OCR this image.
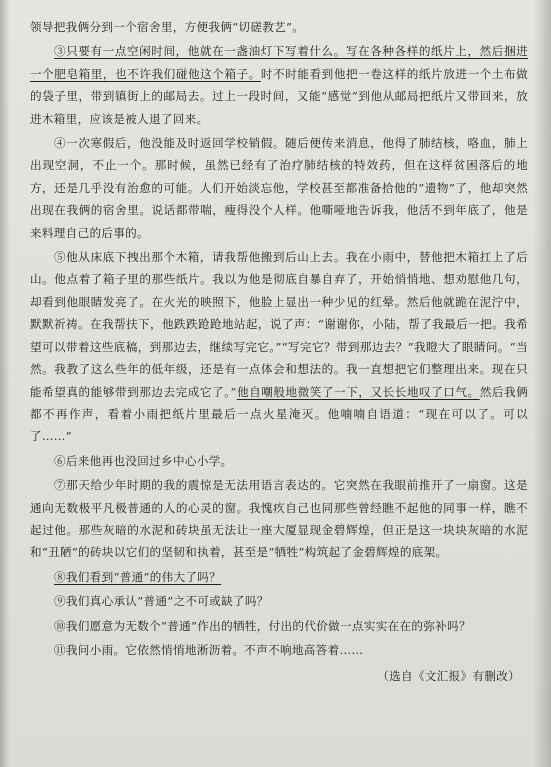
领导把我俩分到一个宿舍里，方便我俩“切磋教艺”。

③只要有一点空闲时间，他就在一盏油灯下写着什么。写在各种各样的纸片上，然后捆进一个肥皂箱里，也不许我们碰他这个箱子。时不时能看到他把一卷这样的纸片放进一个土布做的袋子里，带到镇街上的邮局去。过上一段时间，又能“感觉”到他从邮局把纸片又带回来，放进木箱里，应该是被人退了回来。

④一次寒假后，他没能及时返回学校销假。随后便传来消息，他得了肺结核，咯血，肺上出现空洞，不止一个。那时候，虽然已经有了治疗肺结核的特效药，但在这样贫困落后的地方，还是几乎没有治愈的可能。人们开始淡忘他，学校甚至都准备拾他的“遗物”了，他却突然出现在我俩的宿舍里。说话都带喘，瘦得没个人样。他嘶哑地告诉我，他活不到年底了，他是来料理自己的后事的。

⑤他从床底下拽出那个木箱，请我帮他搬到后山上去。我在小雨中，替他把木箱扛上了后山。他点着了箱子里的那些纸片。我以为他是彻底自暴自弃了，开始悄悄地、想劝慰他几句，却看到他眼睛发亮了。在火光的映照下，他脸上显出一种少见的红晕。然后他就跪在泥泞中，默默祈祷。在我帮扶下，他跌跌跄跄地站起，说了声：“谢谢你，小陆，帮了我最后一把。我希望可以带着这些底稿，到那边去，继续写完它。”“写完它？带到那边去？”我瞪大了眼睛问。“当然。我教了这么些年的低年级，还是有一点体会和想法的。我一直想把它们整理出来。现在只能希望真的能够带到那边去完成它了。”他自嘲般地微笑了一下，又长长地叹了口气。然后我俩都不再作声，看着小雨把纸片里最后一点火星淹灭。他喃喃自语道：“现在可以了。可以了……”

⑥后来他再也没回过乡中心小学。

⑦那天给少年时期的我的震惊是无法用语言表达的。它突然在我眼前推开了一扇窗。这是通向无数极平凡极普通的人的心灵的窗。我愧疚自己也同那些曾经瞧不起他的同事一样，瞧不起过他。那些灰暗的水泥和砖块虽无法让一座大厦显现金碧辉煌，但正是这一块块灰暗的水泥和“丑陋”的砖块以它们的坚韧和执着，甚至是“牺牲”构筑起了金碧辉煌的底架。

⑧我们看到“普通”的伟大了吗？

⑨我们真心承认“普通”之不可或缺了吗？

⑩我们愿意为无数个“普通”作出的牺牲，付出的代价做一点实实在在的弥补吗？

⑪我问小雨。它依然悄悄地淅沥着。不声不响地高答着……

（选自《文汇报》有删改）
